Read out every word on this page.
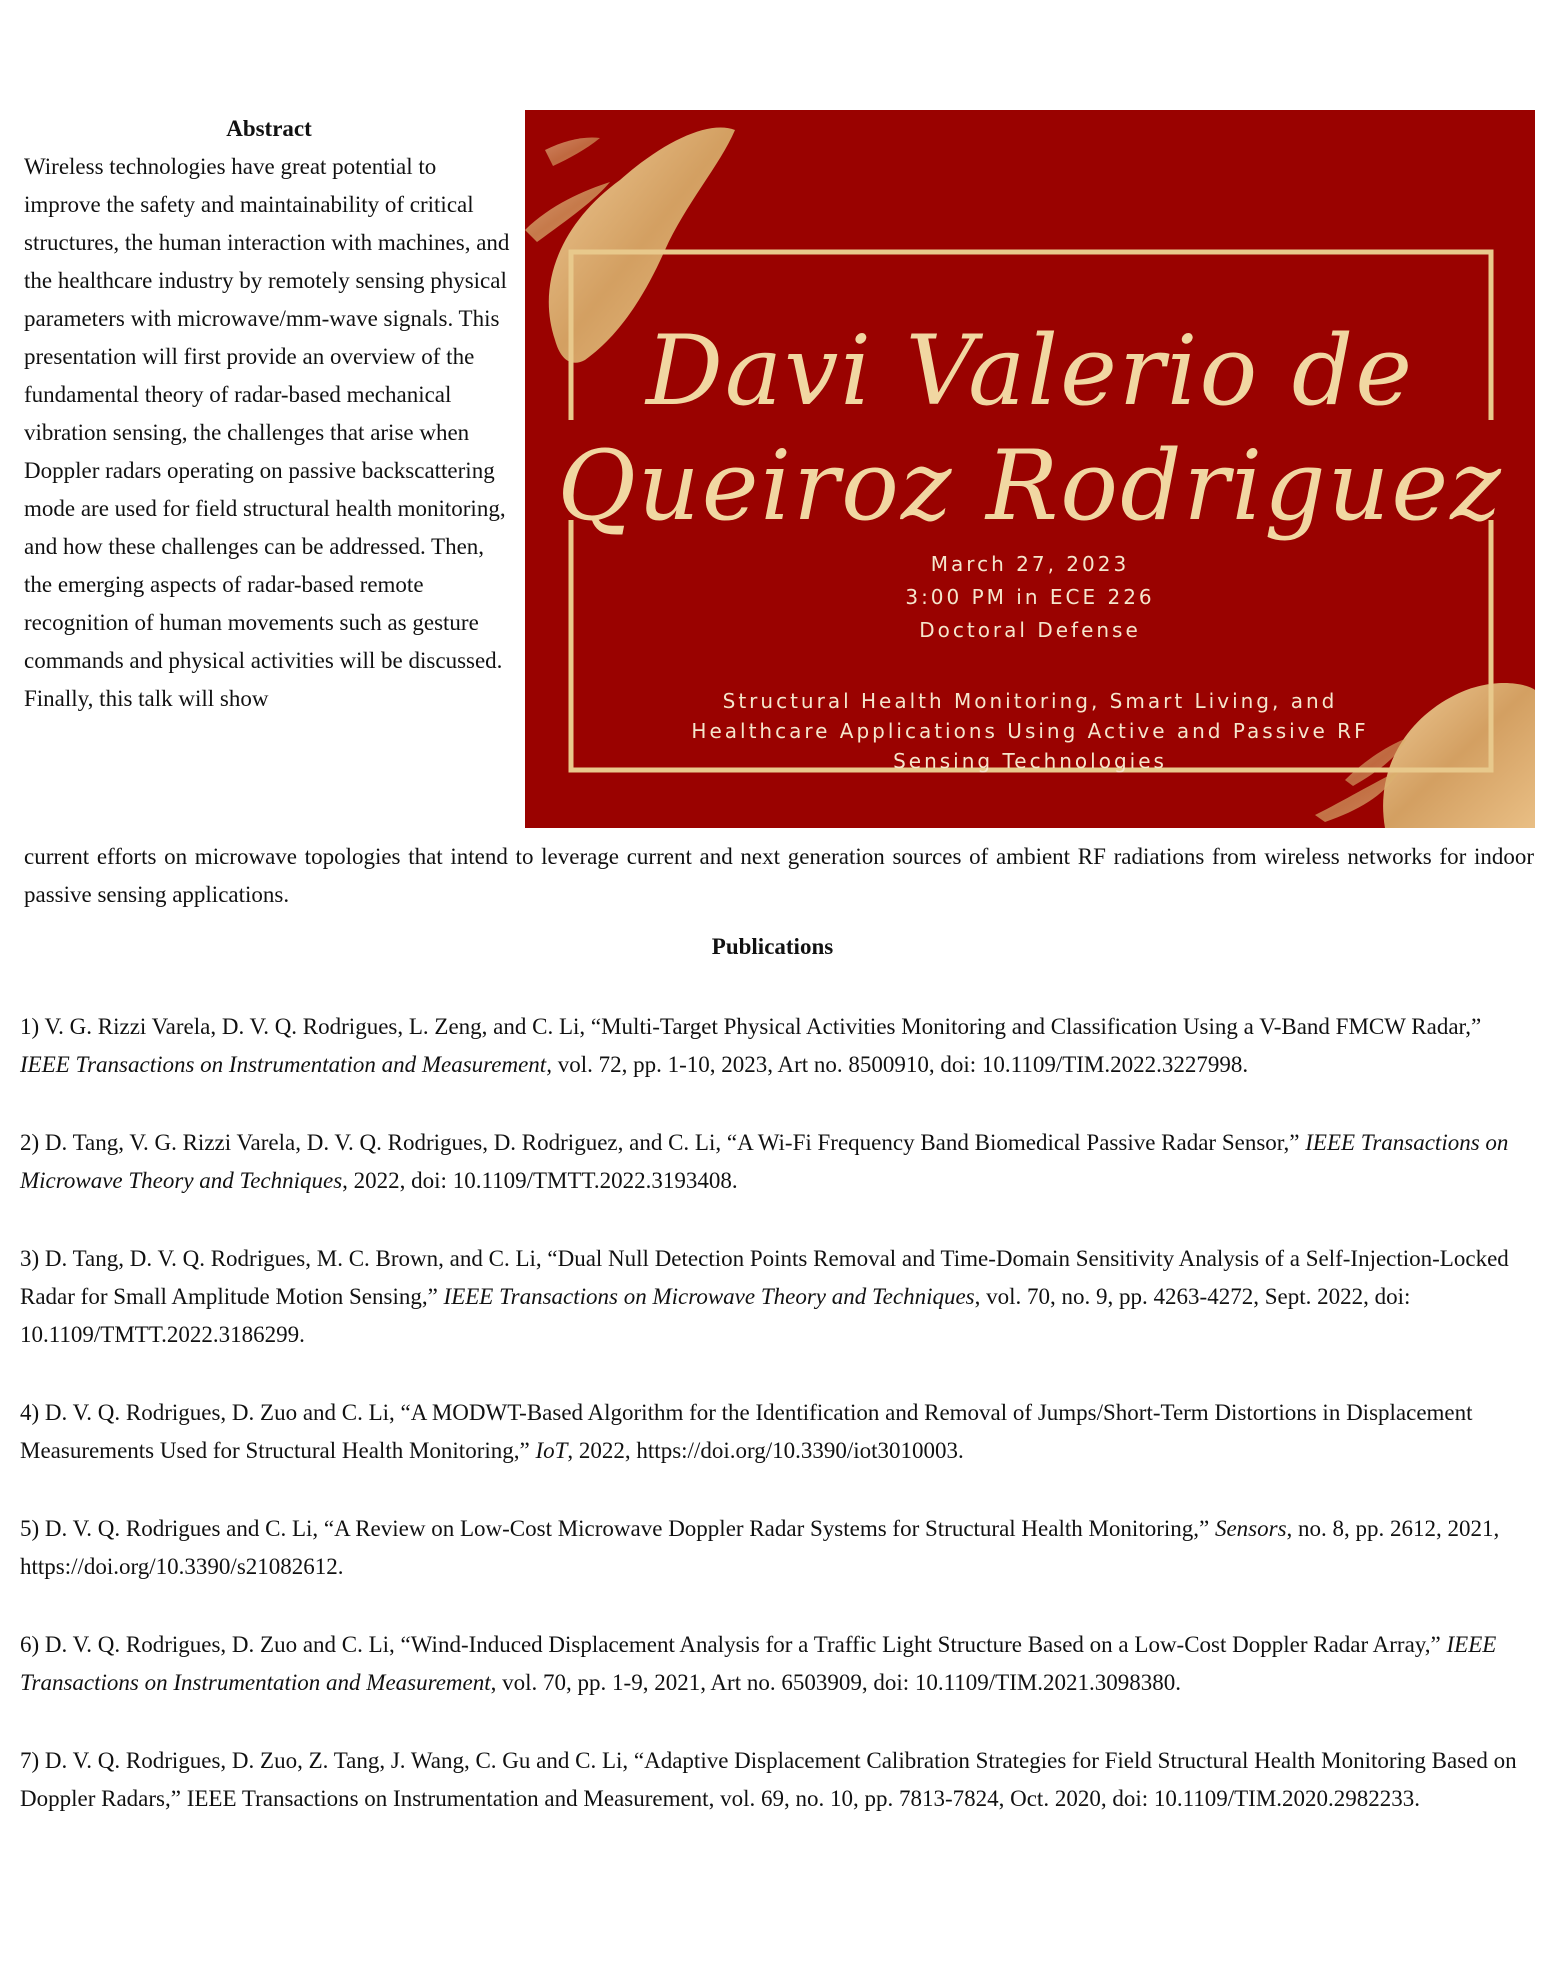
Abstract

Wireless technologies have great potential to improve the safety and maintainability of critical structures, the human interaction with machines, and the healthcare industry by remotely sensing physical parameters with microwave/mm-wave signals. This presentation will first provide an overview of the fundamental theory of radar-based mechanical vibration sensing, the challenges that arise when Doppler radars operating on passive backscattering mode are used for field structural health monitoring, and how these challenges can be addressed. Then, the emerging aspects of radar-based remote recognition of human movements such as gesture commands and physical activities will be discussed. Finally, this talk will show

Davi Valerio de
Queiroz Rodriguez
March 27, 2023
3:00 PM in ECE 226
Doctoral Defense
Structural Health Monitoring, Smart Living, and
Healthcare Applications Using Active and Passive RF
Sensing Technologies

current efforts on microwave topologies that intend to leverage current and next generation sources of ambient RF radiations from wireless networks for indoor passive sensing applications.

Publications
1) V. G. Rizzi Varela, D. V. Q. Rodrigues, L. Zeng, and C. Li, “Multi-Target Physical Activities Monitoring and Classification Using a V-Band FMCW Radar,” IEEE Transactions on Instrumentation and Measurement, vol. 72, pp. 1-10, 2023, Art no. 8500910, doi: 10.1109/TIM.2022.3227998.
2) D. Tang, V. G. Rizzi Varela, D. V. Q. Rodrigues, D. Rodriguez, and C. Li, “A Wi-Fi Frequency Band Biomedical Passive Radar Sensor,” IEEE Transactions on Microwave Theory and Techniques, 2022, doi: 10.1109/TMTT.2022.3193408.
3) D. Tang, D. V. Q. Rodrigues, M. C. Brown, and C. Li, “Dual Null Detection Points Removal and Time-Domain Sensitivity Analysis of a Self-Injection-Locked Radar for Small Amplitude Motion Sensing,” IEEE Transactions on Microwave Theory and Techniques, vol. 70, no. 9, pp. 4263-4272, Sept. 2022, doi: 10.1109/TMTT.2022.3186299.
4) D. V. Q. Rodrigues, D. Zuo and C. Li, “A MODWT-Based Algorithm for the Identification and Removal of Jumps/Short-Term Distortions in Displacement Measurements Used for Structural Health Monitoring,” IoT, 2022, https://doi.org/10.3390/iot3010003.
5) D. V. Q. Rodrigues and C. Li, “A Review on Low-Cost Microwave Doppler Radar Systems for Structural Health Monitoring,” Sensors, no. 8, pp. 2612, 2021, https://doi.org/10.3390/s21082612.
6) D. V. Q. Rodrigues, D. Zuo and C. Li, “Wind-Induced Displacement Analysis for a Traffic Light Structure Based on a Low-Cost Doppler Radar Array,” IEEE Transactions on Instrumentation and Measurement, vol. 70, pp. 1-9, 2021, Art no. 6503909, doi: 10.1109/TIM.2021.3098380.
7) D. V. Q. Rodrigues, D. Zuo, Z. Tang, J. Wang, C. Gu and C. Li, “Adaptive Displacement Calibration Strategies for Field Structural Health Monitoring Based on Doppler Radars,” IEEE Transactions on Instrumentation and Measurement, vol. 69, no. 10, pp. 7813-7824, Oct. 2020, doi: 10.1109/TIM.2020.2982233.
